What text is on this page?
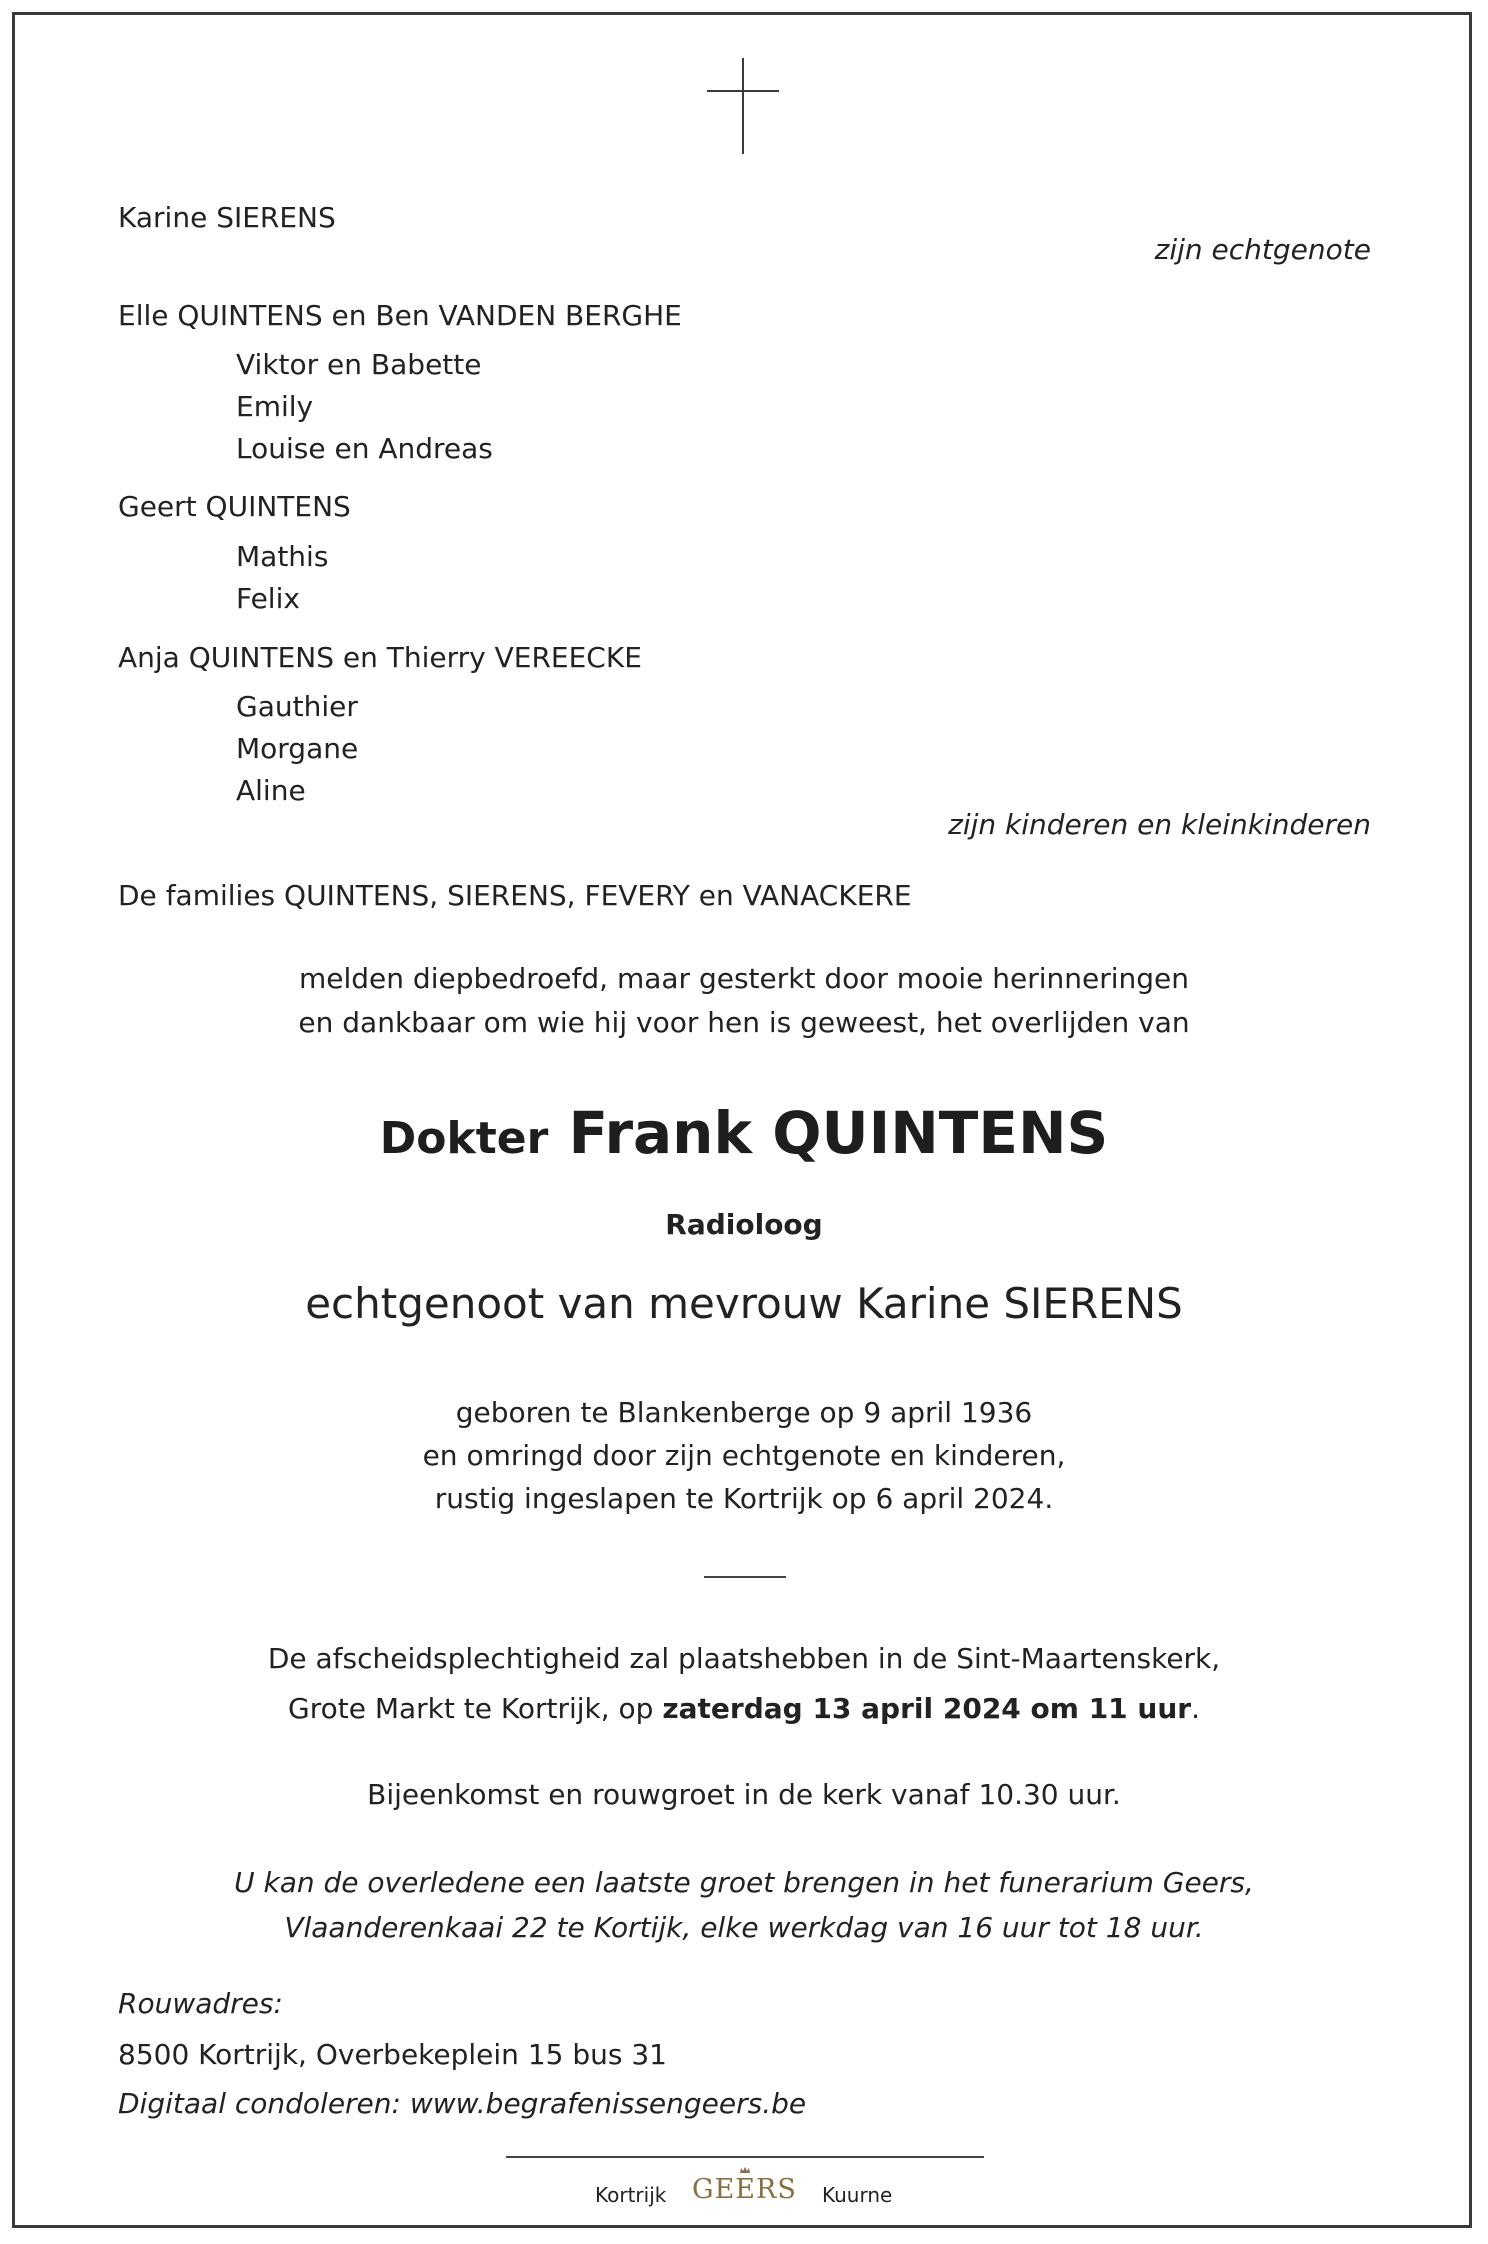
Karine SIERENS

zijn echtgenote

Elle QUINTENS en Ben VANDEN BERGHE

Viktor en Babette

Emily

Louise en Andreas

Geert QUINTENS

Mathis

Felix

Anja QUINTENS en Thierry VEREECKE

Gauthier

Morgane

Aline

zijn kinderen en kleinkinderen

De families QUINTENS, SIERENS, FEVERY en VANACKERE

melden diepbedroefd, maar gesterkt door mooie herinneringen

en dankbaar om wie hij voor hen is geweest, het overlijden van

Dokter Frank QUINTENS

Radioloog

echtgenoot van mevrouw Karine SIERENS

geboren te Blankenberge op 9 april 1936

en omringd door zijn echtgenote en kinderen,

rustig ingeslapen te Kortrijk op 6 april 2024.

De afscheidsplechtigheid zal plaatshebben in de Sint-Maartenskerk,

Grote Markt te Kortrijk, op zaterdag 13 april 2024 om 11 uur.

Bijeenkomst en rouwgroet in de kerk vanaf 10.30 uur.

U kan de overledene een laatste groet brengen in het funerarium Geers,

Vlaanderenkaai 22 te Kortijk, elke werkdag van 16 uur tot 18 uur.

Rouwadres:

8500 Kortrijk, Overbekeplein 15 bus 31

Digitaal condoleren: www.begrafenissengeers.be

Kortrijk GEERS Kuurne
